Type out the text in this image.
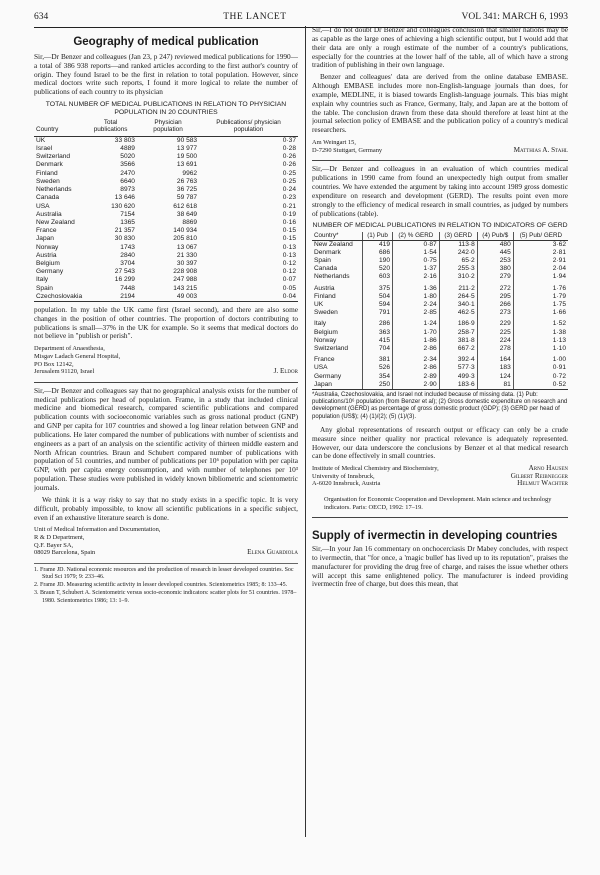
634	THE LANCET	VOL 341: MARCH 6, 1993
Geography of medical publication

Sir,—Dr Benzer and colleagues (Jan 23, p 247) reviewed medical publications for 1990—a total of 386 938 reports—and ranked articles according to the first author's country of origin. They found Israel to be the first in relation to total population. However, since medical doctors write such reports, I found it more logical to relate the number of publications of each country to its physician

TOTAL NUMBER OF MEDICAL PUBLICATIONS IN RELATION TO PHYSICIAN POPULATION IN 20 COUNTRIES
Country	Total publications	Physician population	Publications/ physician population
UK	33 803	90 583	0·37
Israel	4889	13 977	0·28
Switzerland	5020	19 500	0·26
Denmark	3566	13 691	0·26
Finland	2470	9962	0·25
Sweden	6640	26 763	0·25
Netherlands	8973	36 725	0·24
Canada	13 646	59 787	0·23
USA	130 620	612 618	0·21
Australia	7154	38 649	0·19
New Zealand	1365	8869	0·16
France	21 357	140 934	0·15
Japan	30 830	205 810	0·15
Norway	1743	13 067	0·13
Austria	2840	21 330	0·13
Belgium	3704	30 397	0·12
Germany	27 543	228 908	0·12
Italy	16 299	247 988	0·07
Spain	7448	143 215	0·05
Czechoslovakia	2194	49 003	0·04

population. In my table the UK came first (Israel second), and there are also some changes in the position of other countries. The proportion of doctors contributing to publications is small—37% in the UK for example. So it seems that medical doctors do not believe in "publish or perish".

Department of Anaesthesia,
Misgav Ladach General Hospital,
PO Box 12142,
Jerusalem 91120, Israel	J. Eldor

Sir,—Dr Benzer and colleagues say that no geographical analysis exists for the number of medical publications per head of population. Frame, in a study that included clinical medicine and biomedical research, compared scientific publications and compared publication counts with socioeconomic variables such as gross national product (GNP) and GNP per capita for 107 countries and showed a log linear relation between GNP and publications. He later compared the number of publications with number of scientists and engineers as a part of an analysis on the scientific activity of thirteen middle eastern and North African countries. Braun and Schubert compared number of publications with population of 51 countries, and number of publications per 10⁶ population with per capita GNP, with per capita energy consumption, and with number of telephones per 10³ population. These studies were published in widely known bibliometric and scientometric journals.

We think it is a way risky to say that no study exists in a specific topic. It is very difficult, probably impossible, to know all scientific publications in a specific subject, even if an exhaustive literature search is done.

Unit of Medical Information and Documentation,
R & D Department,
Q.F. Bayer SA,
08029 Barcelona, Spain	Elena Guardiola
1. Frame JD. National economic resources and the production of research in lesser developed countries. Soc Stud Sci 1979; 9: 233–46.
2. Frame JD. Measuring scientific activity in lesser developed countries. Scientometrics 1985; 8: 133–45.
3. Braun T, Schubert A. Scientometric versus socio-economic indicators: scatter plots for 51 countries. 1978–1980. Scientometrics 1986; 13: 1–9.

Sir,—I do not doubt Dr Benzer and colleagues conclusion that smaller nations may be as capable as the large ones of achieving a high scientific output, but I would add that their data are only a rough estimate of the number of a country's publications, especially for the countries at the lower half of the table, all of which have a strong tradition of publishing in their own language.

Benzer and colleagues' data are derived from the online database EMBASE. Although EMBASE includes more non-English-language journals than does, for example, MEDLINE, it is biased towards English-language journals. This bias might explain why countries such as France, Germany, Italy, and Japan are at the bottom of the table. The conclusion drawn from these data should therefore at least hint at the journal selection policy of EMBASE and the publication policy of a country's medical researchers.

Am Weingart 15,
D-7290 Stuttgart, Germany	Matthias A. Stahl

Sir,—Dr Benzer and colleagues in an evaluation of which countries medical publications in 1990 came from found an unexpectedly high output from smaller countries. We have extended the argument by taking into account 1989 gross domestic expenditure on research and development (GERD). The results point even more strongly to the efficiency of medical research in small countries, as judged by numbers of publications (table).

NUMBER OF MEDICAL PUBLICATIONS IN RELATION TO INDICATORS OF GERD
Country*	(1) Pub	(2) % GERD	(3) GERD	(4) Pub/$	(5) Pub/ GERD
New Zealand	419	0·87	113·8	480	3·62
Denmark	686	1·54	242·0	445	2·81
Spain	190	0·75	65·2	253	2·91
Canada	520	1·37	255·3	380	2·04
Netherlands	603	2·16	310·2	279	1·94
Austria	375	1·36	211·2	272	1·76
Finland	504	1·80	264·5	295	1·79
UK	594	2·24	340·1	266	1·75
Sweden	791	2·85	462·5	273	1·66
Italy	286	1·24	186·9	229	1·52
Belgium	363	1·70	258·7	225	1·38
Norway	415	1·86	381·8	224	1·13
Switzerland	704	2·86	667·2	278	1·10
France	381	2·34	392·4	164	1·00
USA	526	2·86	577·3	183	0·91
Germany	354	2·89	499·3	124	0·72
Japan	250	2·90	183·6	81	0·52
*Australia, Czechoslovakia, and Israel not included because of missing data. (1) Pub: publications/10⁶ population (from Benzer et al); (2) Gross domestic expenditure on research and development (GERD) as percentage of gross domestic product (GDP); (3) GERD per head of population (US$); (4) (1)/(2); (5) (1)/(3).

Any global representations of research output or efficacy can only be a crude measure since neither quality nor practical relevance is adequately represented. However, our data underscore the conclusions by Benzer et al that medical research can be done effectively in small countries.

Institute of Medical Chemistry and Biochemistry,
University of Innsbruck,
A-6020 Innsbruck, Austria
Arno Hausen
Gilbert Reibnegger
Helmut Wachter
Organisation for Economic Cooperation and Development. Main science and technology indicators. Paris: OECD, 1992: 17–19.
Supply of ivermectin in developing countries

Sir,—In your Jan 16 commentary on onchocerciasis Dr Mabey concludes, with respect to ivermectin, that "for once, a 'magic bullet' has lived up to its reputation", praises the manufacturer for providing the drug free of charge, and raises the issue whether others will accept this same enlightened policy. The manufacturer is indeed providing ivermectin free of charge, but does this mean, that
